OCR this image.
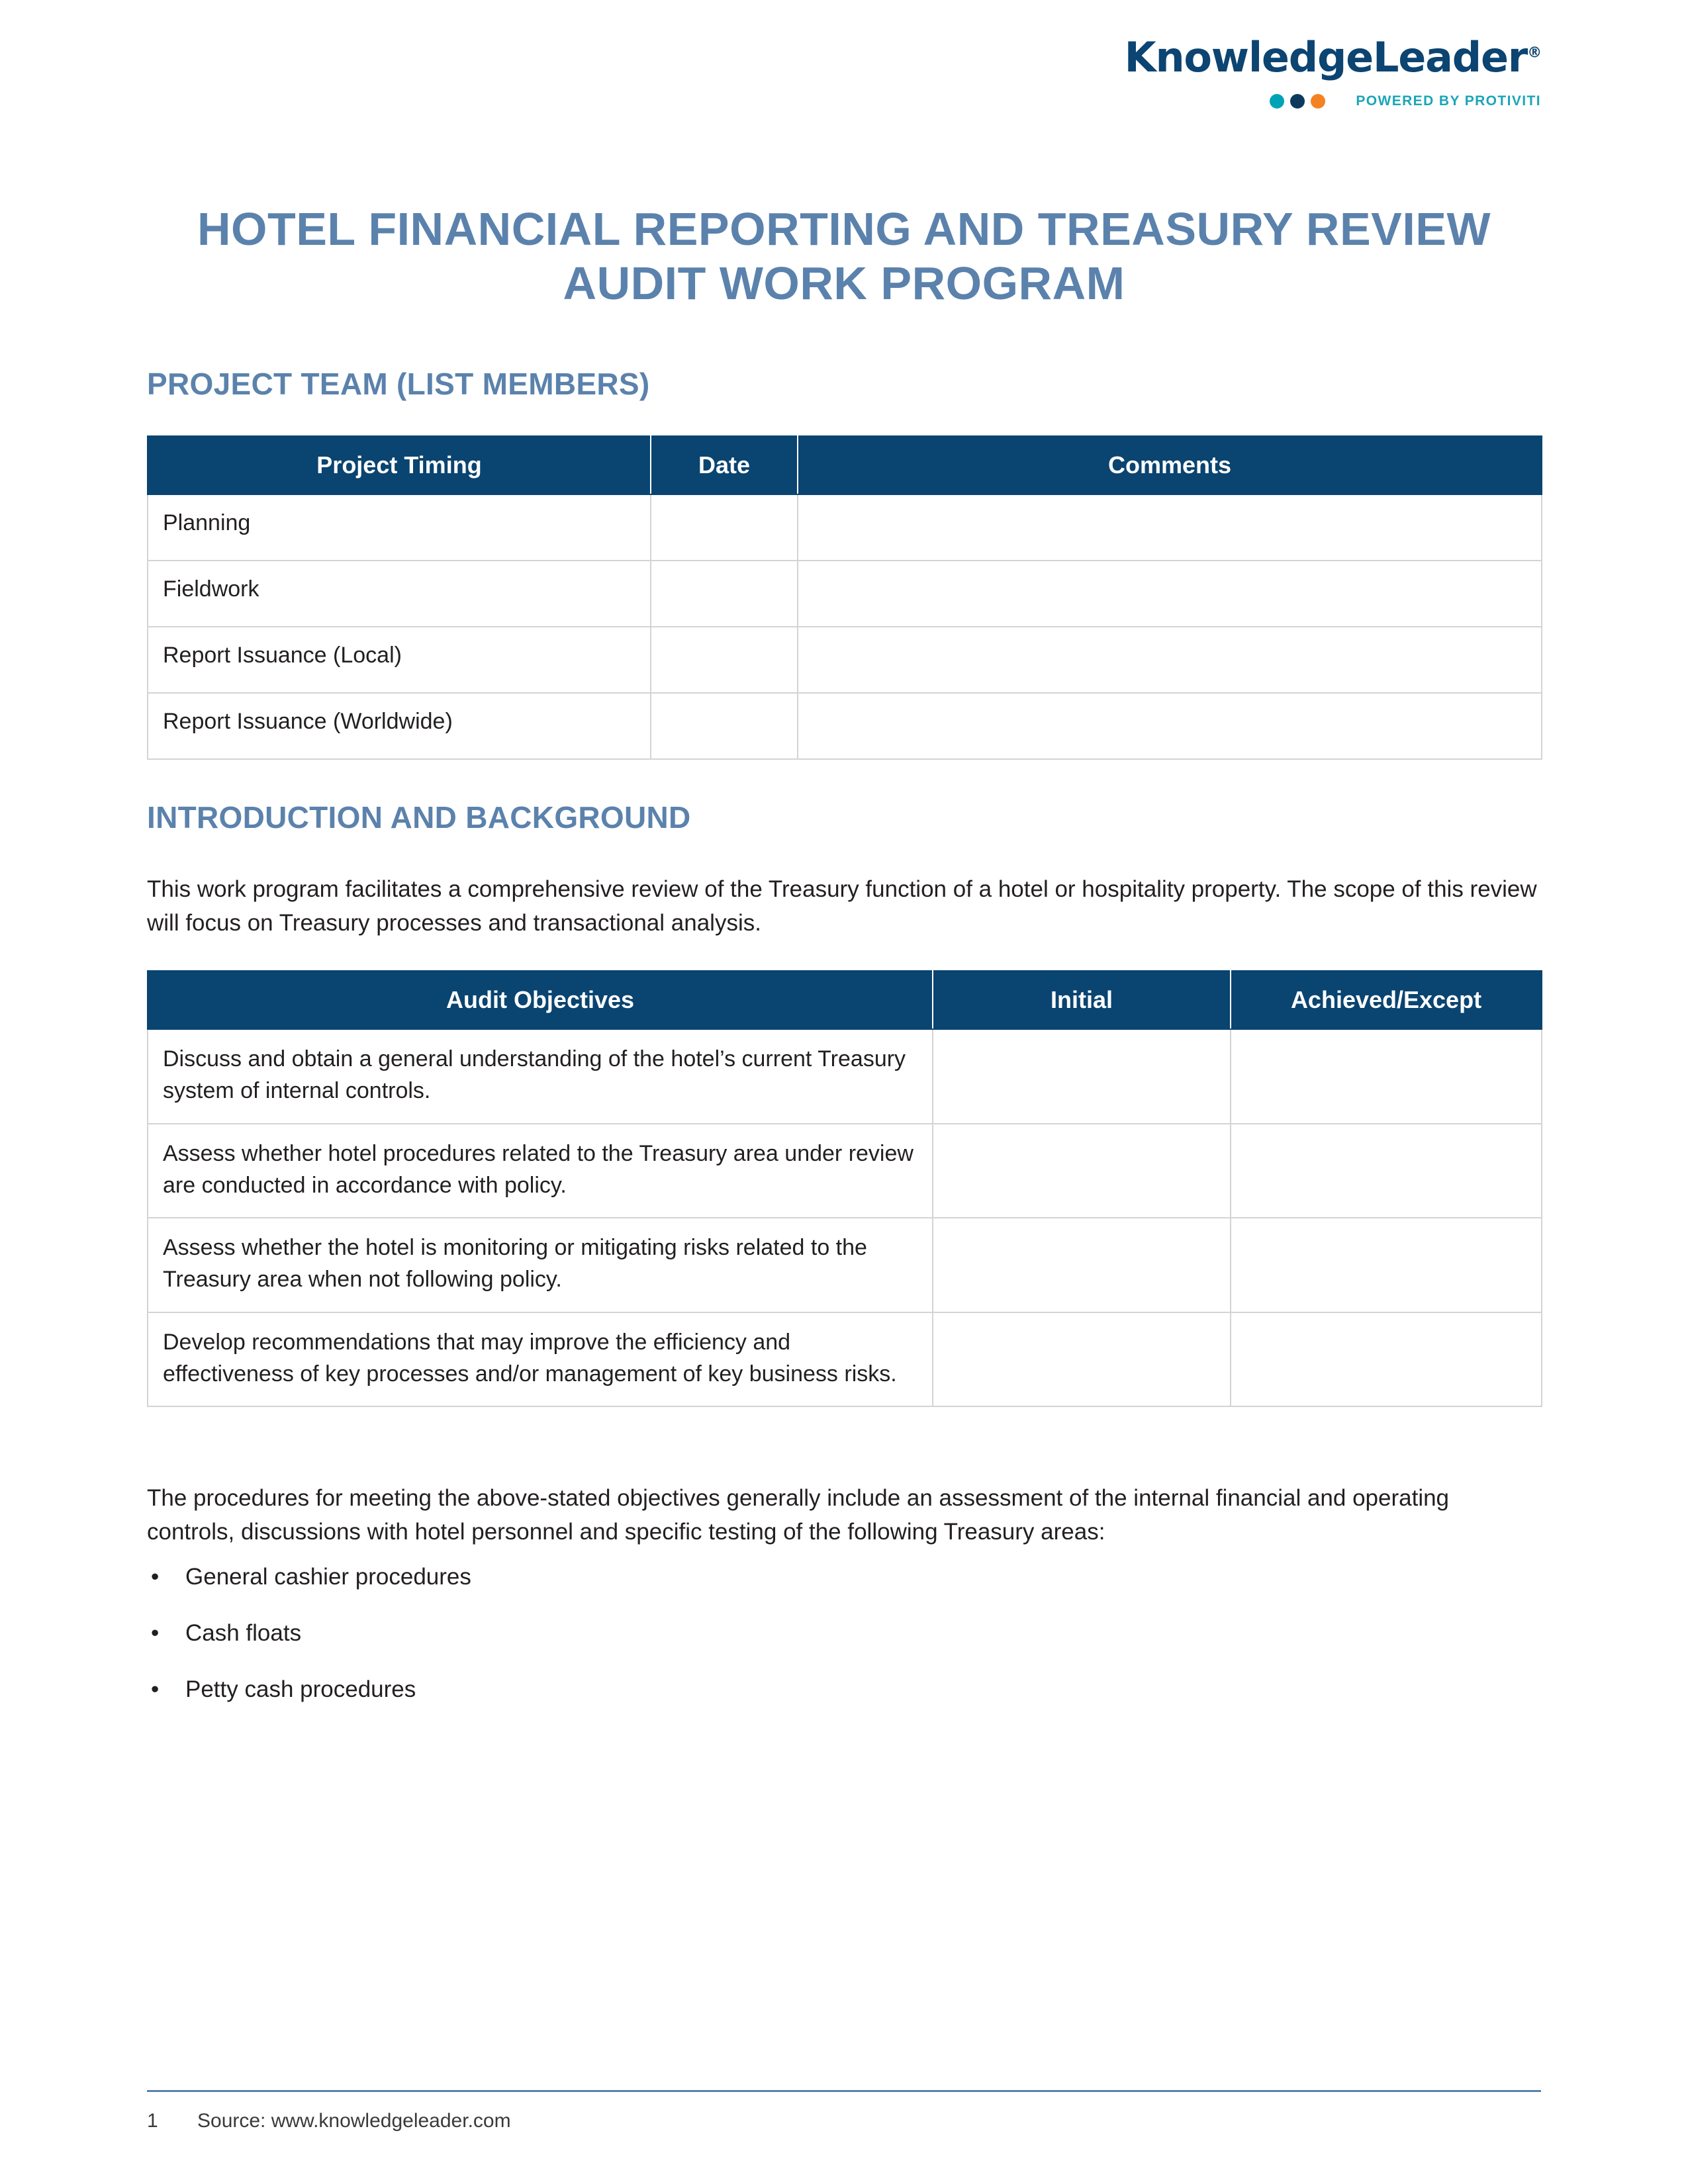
KnowledgeLeader®
POWERED BY PROTIVITI
HOTEL FINANCIAL REPORTING AND TREASURY REVIEW AUDIT WORK PROGRAM
PROJECT TEAM (LIST MEMBERS)
Project Timing	Date	Comments
Planning		
Fieldwork		
Report Issuance (Local)		
Report Issuance (Worldwide)		
INTRODUCTION AND BACKGROUND

This work program facilitates a comprehensive review of the Treasury function of a hotel or hospitality property. The scope of this review will focus on Treasury processes and transactional analysis.

Audit Objectives	Initial	Achieved/Except
Discuss and obtain a general understanding of the hotel’s current Treasury system of internal controls.		
Assess whether hotel procedures related to the Treasury area under review are conducted in accordance with policy.		
Assess whether the hotel is monitoring or mitigating risks related to the Treasury area when not following policy.		
Develop recommendations that may improve the efficiency and effectiveness of key processes and/or management of key business risks.		

The procedures for meeting the above-stated objectives generally include an assessment of the internal financial and operating controls, discussions with hotel personnel and specific testing of the following Treasury areas:

•	General cashier procedures
•	Cash floats
•	Petty cash procedures
1	Source: www.knowledgeleader.com
